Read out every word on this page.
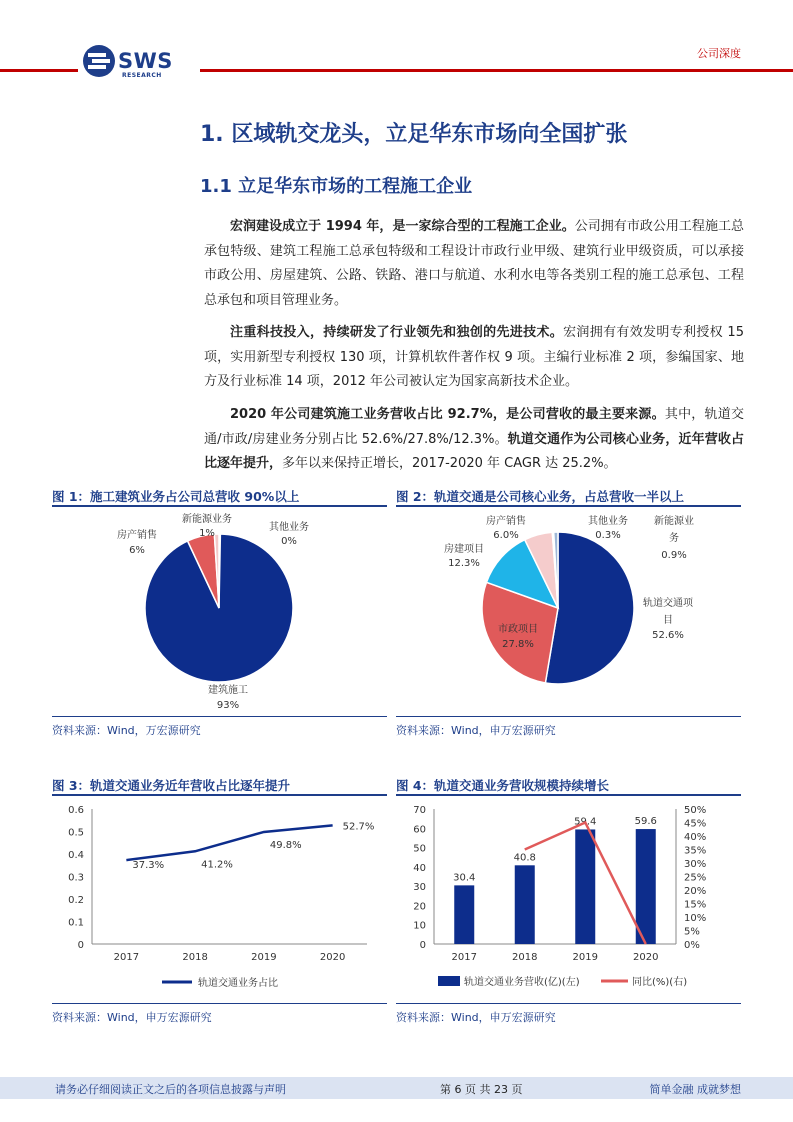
SWS
RESEARCH
公司深度
1. 区域轨交龙头，立足华东市场向全国扩张
1.1 立足华东市场的工程施工企业
宏润建设成立于 1994 年，是一家综合型的工程施工企业。公司拥有市政公用工程施工总承包特级、建筑工程施工总承包特级和工程设计市政行业甲级、建筑行业甲级资质，可以承接市政公用、房屋建筑、公路、铁路、港口与航道、水利水电等各类别工程的施工总承包、工程总承包和项目管理业务。
注重科技投入，持续研发了行业领先和独创的先进技术。宏润拥有有效发明专利授权 15 项，实用新型专利授权 130 项，计算机软件著作权 9 项。主编行业标准 2 项，参编国家、地方及行业标准 14 项，2012 年公司被认定为国家高新技术企业。
2020 年公司建筑施工业务营收占比 92.7%，是公司营收的最主要来源。其中，轨道交通/市政/房建业务分别占比 52.6%/27.8%/12.3%。轨道交通作为公司核心业务，近年营收占比逐年提升，多年以来保持正增长，2017-2020 年 CAGR 达 25.2%。
图 1：施工建筑业务占公司总营收 90%以上
房产销售
6%
新能源业务
1%
其他业务
0%
建筑施工
93%
资料来源：Wind，万宏源研究
图 2：轨道交通是公司核心业务，占总营收一半以上
房产销售
6.0%
其他业务
0.3%
新能源业
务
0.9%
房建项目
12.3%
轨道交通项
目
52.6%
市政项目
27.8%
资料来源：Wind，申万宏源研究
图 3：轨道交通业务近年营收占比逐年提升
0
0.1
0.2
0.3
0.4
0.5
0.6
2017	2018	2019	2020
37.3%	41.2%
49.8%
52.7%
轨道交通业务占比
资料来源：Wind，申万宏源研究
图 4：轨道交通业务营收规模持续增长
0
10
20
30
40
50
60
70
0%
5%
10%
15%
20%
25%
30%
35%
40%
45%
50%
2017	2018	2019	2020
30.4
40.8
59.4	59.6
轨道交通业务营收(亿)(左)	同比(%)(右)
资料来源：Wind，申万宏源研究
请务必仔细阅读正文之后的各项信息披露与声明	第 6 页 共 23 页	简单金融 成就梦想
